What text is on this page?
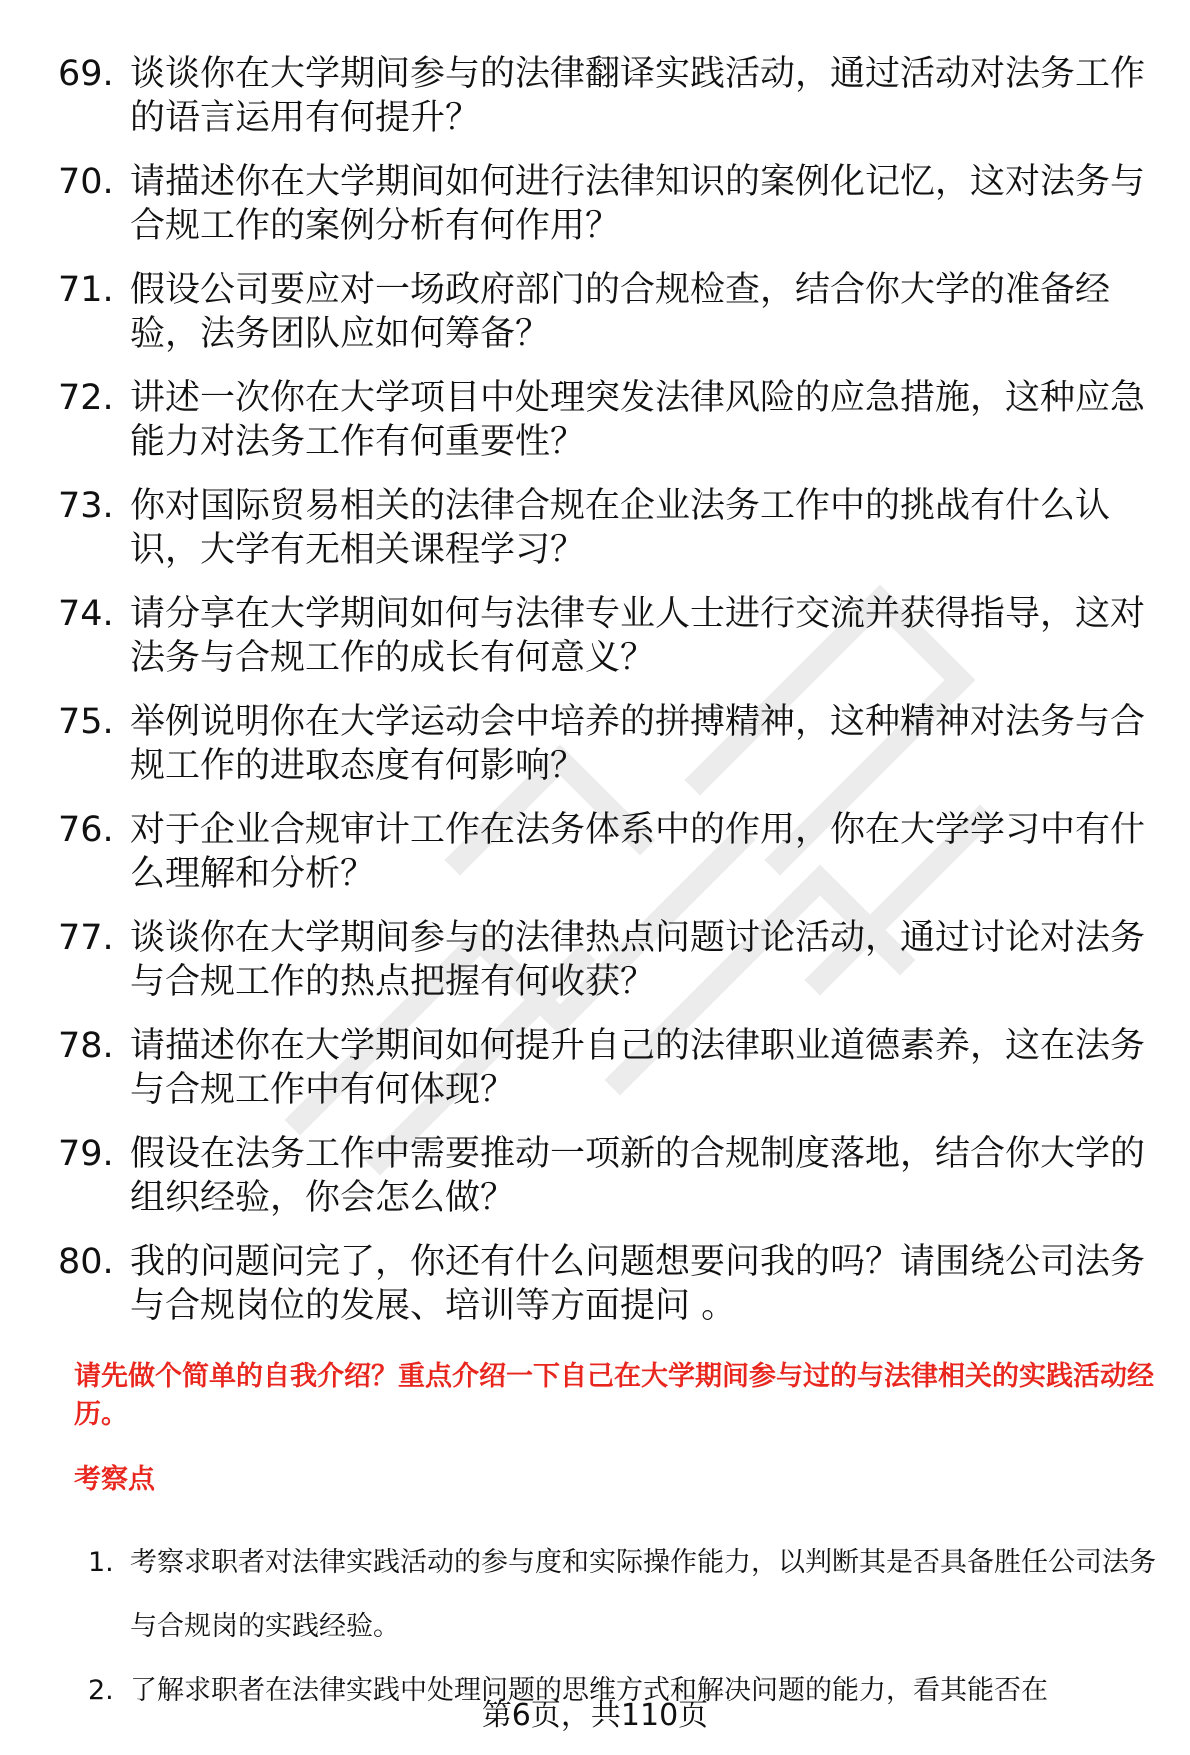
69. 谈谈你在大学期间参与的法律翻译实践活动，通过活动对法务工作的语言运用有何提升？
70. 请描述你在大学期间如何进行法律知识的案例化记忆，这对法务与合规工作的案例分析有何作用？
71. 假设公司要应对一场政府部门的合规检查，结合你大学的准备经验，法务团队应如何筹备？
72. 讲述一次你在大学项目中处理突发法律风险的应急措施，这种应急能力对法务工作有何重要性？
73. 你对国际贸易相关的法律合规在企业法务工作中的挑战有什么认识，大学有无相关课程学习？
74. 请分享在大学期间如何与法律专业人士进行交流并获得指导，这对法务与合规工作的成长有何意义？
75. 举例说明你在大学运动会中培养的拼搏精神，这种精神对法务与合规工作的进取态度有何影响？
76. 对于企业合规审计工作在法务体系中的作用，你在大学学习中有什么理解和分析？
77. 谈谈你在大学期间参与的法律热点问题讨论活动，通过讨论对法务与合规工作的热点把握有何收获？
78. 请描述你在大学期间如何提升自己的法律职业道德素养，这在法务与合规工作中有何体现？
79. 假设在法务工作中需要推动一项新的合规制度落地，结合你大学的组织经验，你会怎么做？
80. 我的问题问完了，你还有什么问题想要问我的吗？请围绕公司法务与合规岗位的发展、培训等方面提问 。
请先做个简单的自我介绍？重点介绍一下自己在大学期间参与过的与法律相关的实践活动经历。
考察点
1. 考察求职者对法律实践活动的参与度和实际操作能力，以判断其是否具备胜任公司法务与合规岗的实践经验。
2. 了解求职者在法律实践中处理问题的思维方式和解决问题的能力，看其能否在
第6页，共110页
